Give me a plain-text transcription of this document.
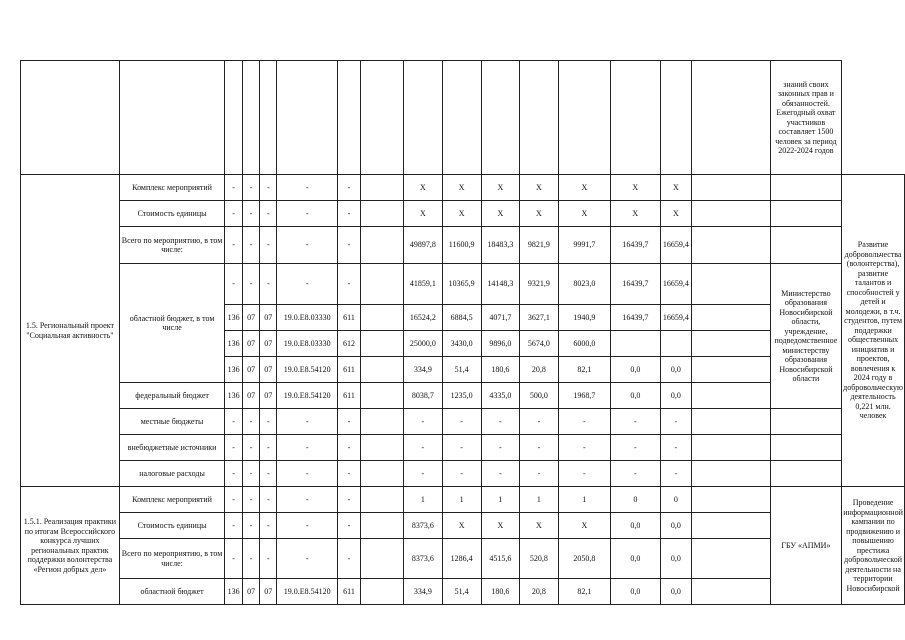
																знаний своих законных прав и обязанностей. Ежегодный охват участников составляет 1500 человек за период 2022-2024 годов	
1.5. Региональный проект "Социальная активность"	Комплекс мероприятий	-	-	-	-	-		X	X	X	X	X	X	X			Развитие добровольчества (волонтерства), развитие талантов и способностей у детей и молодежи, в т.ч. студентов, путем поддержки общественных инициатив и проектов, вовлечения к 2024 году в добровольческую деятельность 0,221 млн. человек
	Стоимость единицы	-	-	-	-	-		X	X	X	X	X	X	X			
	Всего по мероприятию, в том числе:	-	-	-	-	-		49897,8	11600,9	18483,3	9821,9	9991,7	16439,7	16659,4			
	областной бюджет, в том числе	-	-	-	-	-		41859,1	10365,9	14148,3	9321,9	8023,0	16439,7	16659,4		Министерство образования Новосибирской области, учреждение, подведомственное министерству образования Новосибирской области	
		136	07	07	19.0.E8.03330	611		16524,2	6884,5	4071,7	3627,1	1940,9	16439,7	16659,4			
		136	07	07	19.0.E8.03330	612		25000,0	3430,0	9896,0	5674,0	6000,0					
		136	07	07	19.0.E8.54120	611		334,9	51,4	180,6	20,8	82,1	0,0	0,0			
	федеральный бюджет	136	07	07	19.0.E8.54120	611		8038,7	1235,0	4335,0	500,0	1968,7	0,0	0,0			
	местные бюджеты	-	-	-	-	-		-	-	-	-	-	-	-			
	внебюджетные источники	-	-	-	-	-		-	-	-	-	-	-	-			
	налоговые расходы	-	-	-	-	-		-	-	-	-	-	-	-			
1.5.1. Реализация практики по итогам Всероссийского конкурса лучших региональных практик поддержки волонтерства «Регион добрых дел»	Комплекс мероприятий	-	-	-	-	-		1	1	1	1	1	0	0		ГБУ «АПМИ»	Проведение информационной кампании по продвижению и повышению престижа добровольческой деятельности на территории Новосибирской
	Стоимость единицы	-	-	-	-	-		8373,6	X	X	X	X	0,0	0,0			
	Всего по мероприятию, в том числе:	-	-	-	-	-		8373,6	1286,4	4515,6	520,8	2050,8	0,0	0,0			
	областной бюджет	136	07	07	19.0.E8.54120	611		334,9	51,4	180,6	20,8	82,1	0,0	0,0			
